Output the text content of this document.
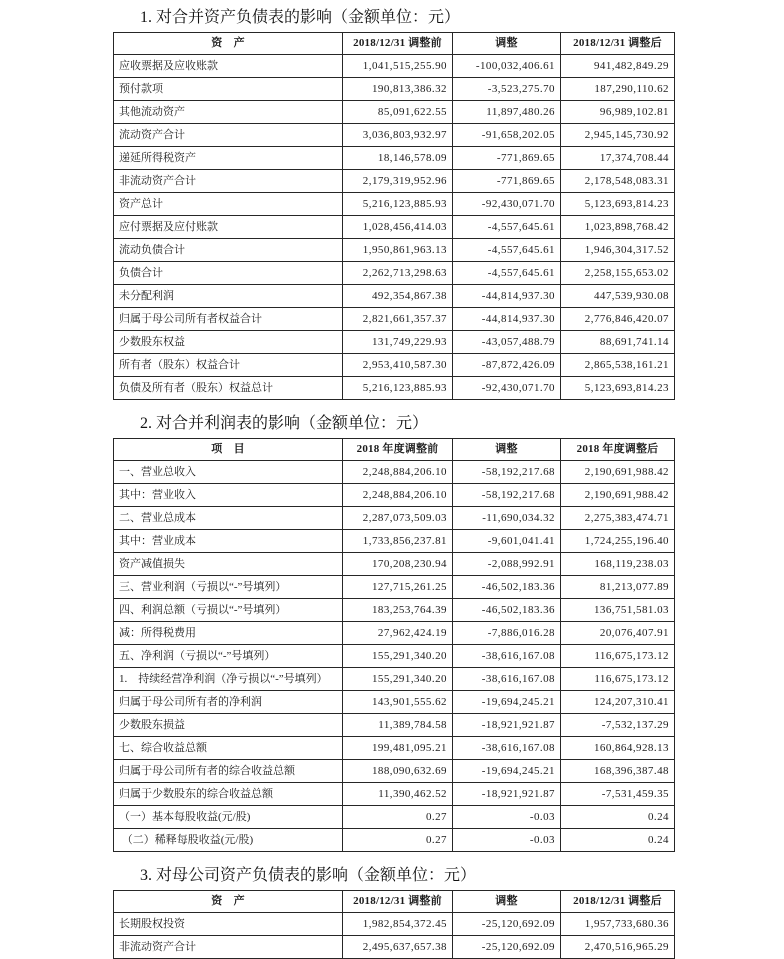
1. 对合并资产负债表的影响（金额单位：元）

资　产	2018/12/31 调整前	调整	2018/12/31 调整后
应收票据及应收账款	1,041,515,255.90	-100,032,406.61	941,482,849.29
预付款项	190,813,386.32	-3,523,275.70	187,290,110.62
其他流动资产	85,091,622.55	11,897,480.26	96,989,102.81
流动资产合计	3,036,803,932.97	-91,658,202.05	2,945,145,730.92
递延所得税资产	18,146,578.09	-771,869.65	17,374,708.44
非流动资产合计	2,179,319,952.96	-771,869.65	2,178,548,083.31
资产总计	5,216,123,885.93	-92,430,071.70	5,123,693,814.23
应付票据及应付账款	1,028,456,414.03	-4,557,645.61	1,023,898,768.42
流动负债合计	1,950,861,963.13	-4,557,645.61	1,946,304,317.52
负债合计	2,262,713,298.63	-4,557,645.61	2,258,155,653.02
未分配利润	492,354,867.38	-44,814,937.30	447,539,930.08
归属于母公司所有者权益合计	2,821,661,357.37	-44,814,937.30	2,776,846,420.07
少数股东权益	131,749,229.93	-43,057,488.79	88,691,741.14
所有者（股东）权益合计	2,953,410,587.30	-87,872,426.09	2,865,538,161.21
负债及所有者（股东）权益总计	5,216,123,885.93	-92,430,071.70	5,123,693,814.23

2. 对合并利润表的影响（金额单位：元）

项　目	2018 年度调整前	调整	2018 年度调整后
一、营业总收入	2,248,884,206.10	-58,192,217.68	2,190,691,988.42
其中：营业收入	2,248,884,206.10	-58,192,217.68	2,190,691,988.42
二、营业总成本	2,287,073,509.03	-11,690,034.32	2,275,383,474.71
其中：营业成本	1,733,856,237.81	-9,601,041.41	1,724,255,196.40
资产减值损失	170,208,230.94	-2,088,992.91	168,119,238.03
三、营业利润（亏损以“-”号填列）	127,715,261.25	-46,502,183.36	81,213,077.89
四、利润总额（亏损以“-”号填列）	183,253,764.39	-46,502,183.36	136,751,581.03
减：所得税费用	27,962,424.19	-7,886,016.28	20,076,407.91
五、净利润（亏损以“-”号填列）	155,291,340.20	-38,616,167.08	116,675,173.12
1.　持续经营净利润（净亏损以“-”号填列）	155,291,340.20	-38,616,167.08	116,675,173.12
归属于母公司所有者的净利润	143,901,555.62	-19,694,245.21	124,207,310.41
少数股东损益	11,389,784.58	-18,921,921.87	-7,532,137.29
七、综合收益总额	199,481,095.21	-38,616,167.08	160,864,928.13
归属于母公司所有者的综合收益总额	188,090,632.69	-19,694,245.21	168,396,387.48
归属于少数股东的综合收益总额	11,390,462.52	-18,921,921.87	-7,531,459.35
（一）基本每股收益(元/股)	0.27	-0.03	0.24
（二）稀释每股收益(元/股)	0.27	-0.03	0.24

3. 对母公司资产负债表的影响（金额单位：元）

资　产	2018/12/31 调整前	调整	2018/12/31 调整后
长期股权投资	1,982,854,372.45	-25,120,692.09	1,957,733,680.36
非流动资产合计	2,495,637,657.38	-25,120,692.09	2,470,516,965.29
